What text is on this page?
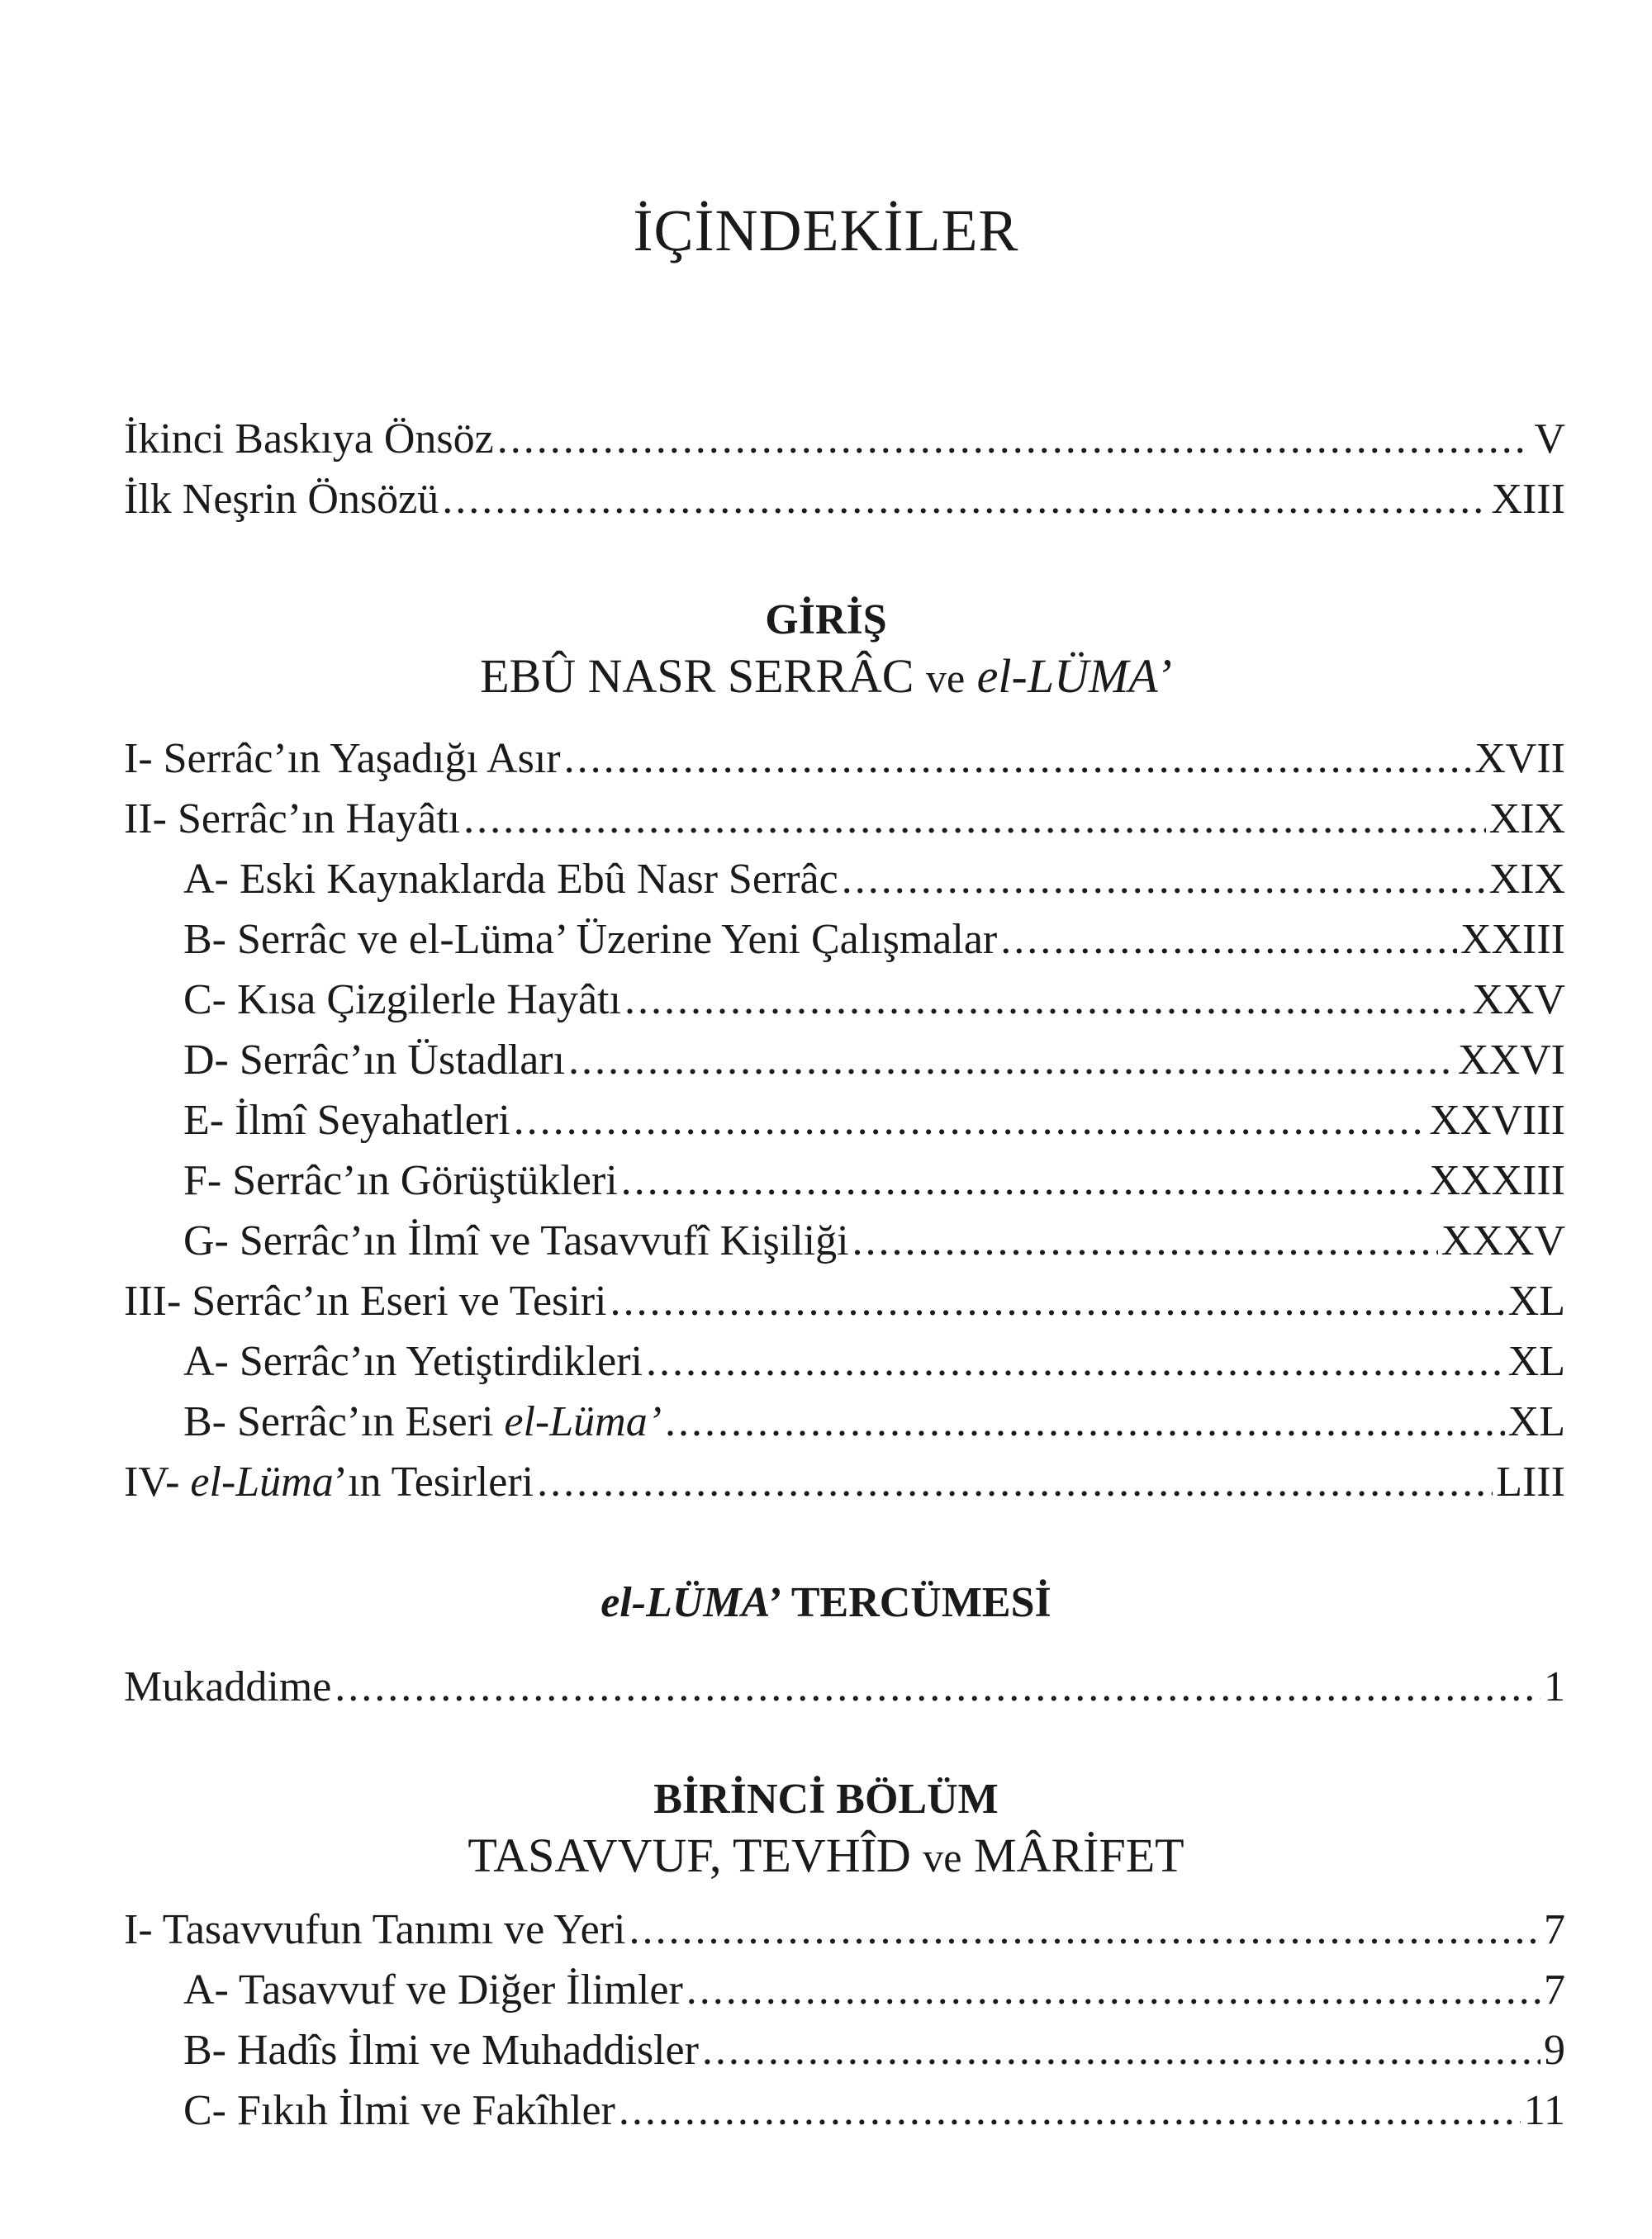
İÇİNDEKİLER
İkinci Baskıya Önsöz .....	V
İlk Neşrin Önsözü .....	XIII
GİRİŞ
EBÛ NASR SERRÂC ve el-LÜMA’
I- Serrâc’ın Yaşadığı Asır .....	XVII
II- Serrâc’ın Hayâtı .....	XIX
A- Eski Kaynaklarda Ebû Nasr Serrâc .....	XIX
B- Serrâc ve el-Lüma’ Üzerine Yeni Çalışmalar .....	XXIII
C- Kısa Çizgilerle Hayâtı .....	XXV
D- Serrâc’ın Üstadları .....	XXVI
E- İlmî Seyahatleri .....	XXVIII
F- Serrâc’ın Görüştükleri .....	XXXIII
G- Serrâc’ın İlmî ve Tasavvufî Kişiliği .....	XXXV
III- Serrâc’ın Eseri ve Tesiri .....	XL
A- Serrâc’ın Yetiştirdikleri .....	XL
B- Serrâc’ın Eseri el-Lüma’ .....	XL
IV- el-Lüma’ın Tesirleri .....	LIII
el-LÜMA’ TERCÜMESİ
Mukaddime .....	1
BİRİNCİ BÖLÜM
TASAVVUF, TEVHÎD ve MÂRİFET
I- Tasavvufun Tanımı ve Yeri .....	7
A- Tasavvuf ve Diğer İlimler .....	7
B- Hadîs İlmi ve Muhaddisler .....	9
C- Fıkıh İlmi ve Fakîhler .....	11
